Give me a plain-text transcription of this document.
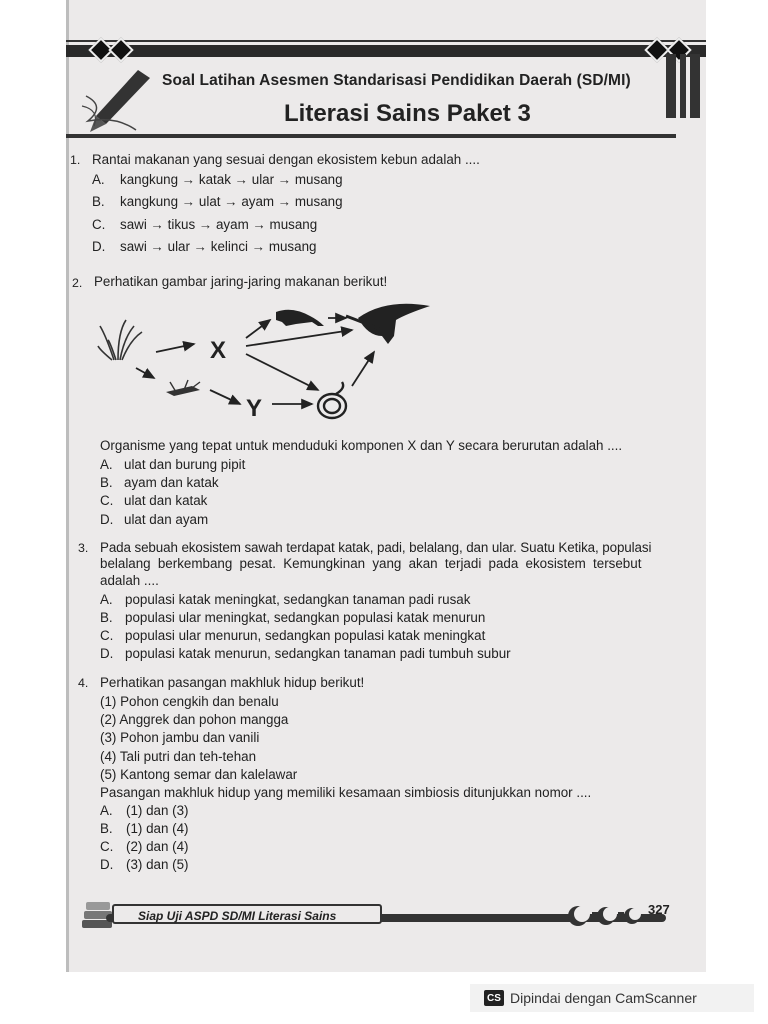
Soal Latihan Asesmen Standarisasi Pendidikan Daerah (SD/MI)
Literasi Sains Paket 3
1. Rantai makanan yang sesuai dengan ekosistem kebun adalah ....
A. kangkung → katak → ular → musang
B. kangkung → ulat → ayam → musang
C. sawi → tikus → ayam → musang
D. sawi → ular → kelinci → musang
2. Perhatikan gambar jaring-jaring makanan berikut!
X
Y
Organisme yang tepat untuk menduduki komponen X dan Y secara berurutan adalah ....
A. ulat dan burung pipit
B. ayam dan katak
C. ulat dan katak
D. ulat dan ayam
3. Pada sebuah ekosistem sawah terdapat katak, padi, belalang, dan ular. Suatu Ketika, populasi
belalang berkembang pesat. Kemungkinan yang akan terjadi pada ekosistem tersebut
adalah ....
A. populasi katak meningkat, sedangkan tanaman padi rusak
B. populasi ular meningkat, sedangkan populasi katak menurun
C. populasi ular menurun, sedangkan populasi katak meningkat
D. populasi katak menurun, sedangkan tanaman padi tumbuh subur
4. Perhatikan pasangan makhluk hidup berikut!
(1) Pohon cengkih dan benalu
(2) Anggrek dan pohon mangga
(3) Pohon jambu dan vanili
(4) Tali putri dan teh-tehan
(5) Kantong semar dan kalelawar
Pasangan makhluk hidup yang memiliki kesamaan simbiosis ditunjukkan nomor ....
A. (1) dan (3)
B. (1) dan (4)
C. (2) dan (4)
D. (3) dan (5)
Siap Uji ASPD SD/MI Literasi Sains	327
CS Dipindai dengan CamScanner
